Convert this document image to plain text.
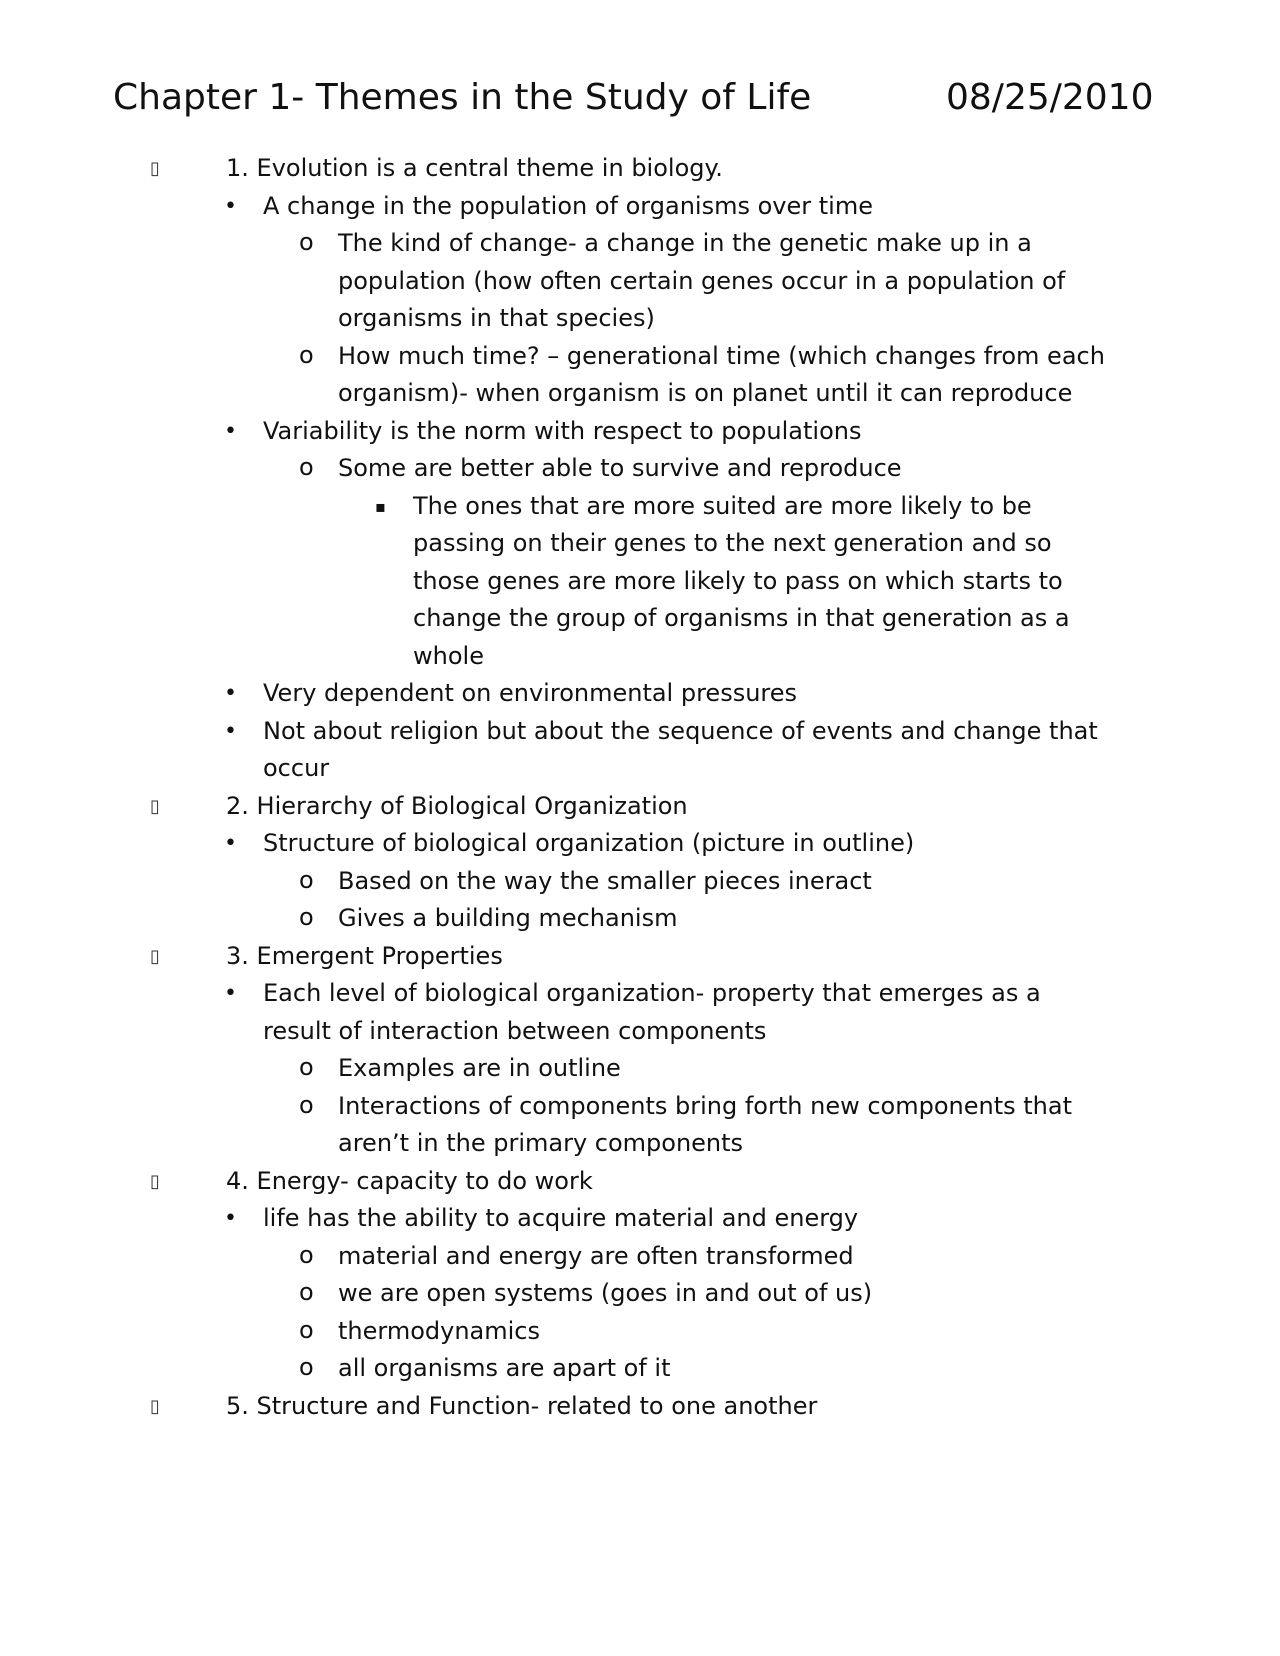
Chapter 1- Themes in the Study of Life	08/25/2010
▯	1. Evolution is a central theme in biology.
• A change in the population of organisms over time
o The kind of change- a change in the genetic make up in a population (how often certain genes occur in a population of organisms in that species)
o How much time? – generational time (which changes from each organism)- when organism is on planet until it can reproduce
• Variability is the norm with respect to populations
o Some are better able to survive and reproduce
▪ The ones that are more suited are more likely to be passing on their genes to the next generation and so those genes are more likely to pass on which starts to change the group of organisms in that generation as a whole
• Very dependent on environmental pressures
• Not about religion but about the sequence of events and change that occur
▯	2. Hierarchy of Biological Organization
• Structure of biological organization (picture in outline)
o Based on the way the smaller pieces ineract
o Gives a building mechanism
▯	3. Emergent Properties
• Each level of biological organization- property that emerges as a result of interaction between components
o Examples are in outline
o Interactions of components bring forth new components that aren’t in the primary components
▯	4. Energy- capacity to do work
• life has the ability to acquire material and energy
o material and energy are often transformed
o we are open systems (goes in and out of us)
o thermodynamics
o all organisms are apart of it
▯	5. Structure and Function- related to one another
